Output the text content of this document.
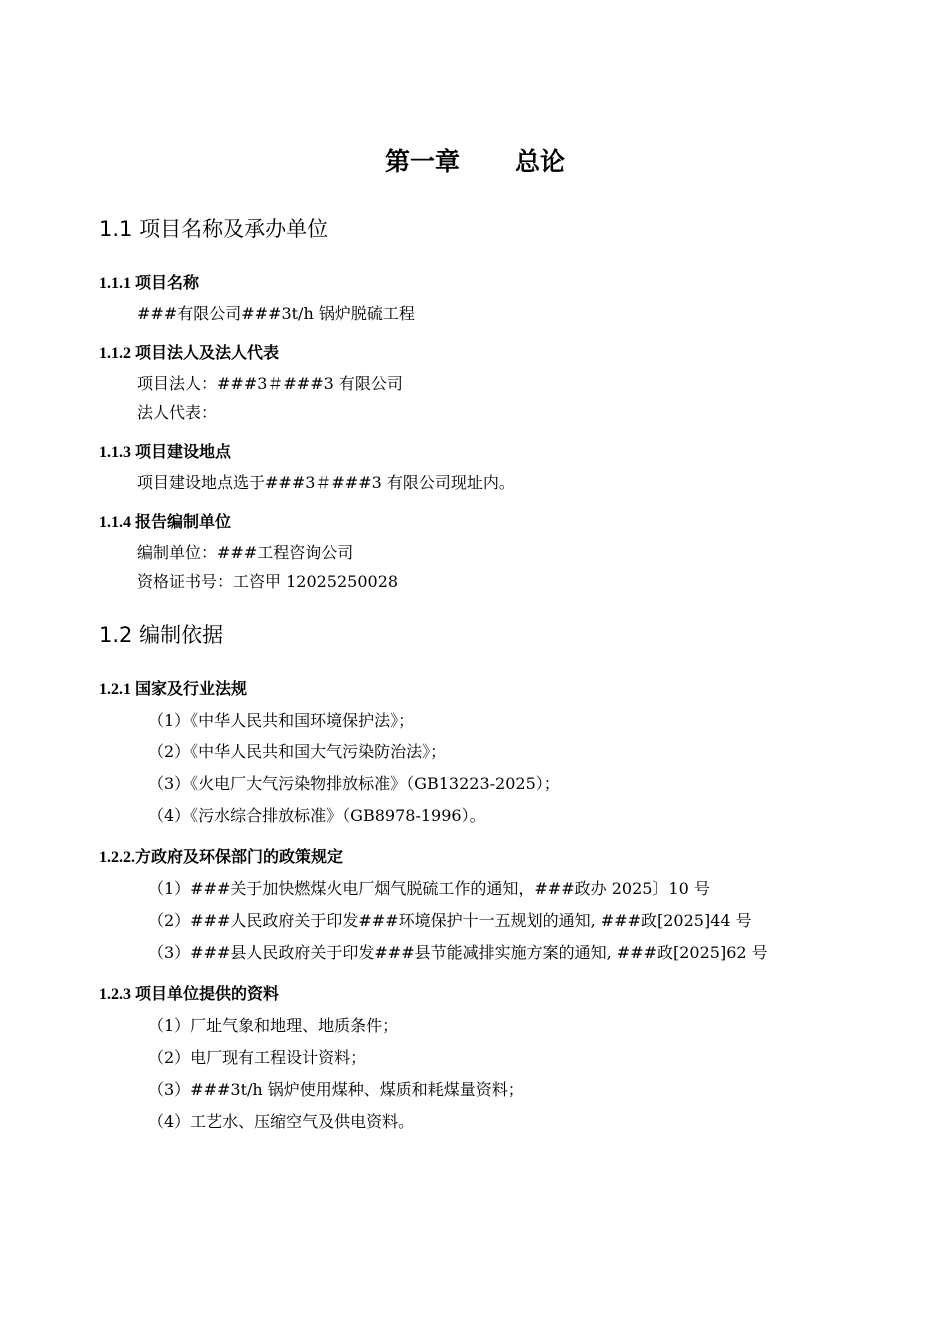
第一章 总论
1.1 项目名称及承办单位
1.1.1 项目名称
###有限公司###3t/h 锅炉脱硫工程
1.1.2 项目法人及法人代表
项目法人：###3＃###3 有限公司
法人代表：
1.1.3 项目建设地点
项目建设地点选于###3＃###3 有限公司现址内。
1.1.4 报告编制单位
编制单位：###工程咨询公司
资格证书号：工咨甲 12025250028
1.2 编制依据
1.2.1 国家及行业法规
（1）《中华人民共和国环境保护法》；
（2）《中华人民共和国大气污染防治法》；
（3）《火电厂大气污染物排放标准》（GB13223-2025）；
（4）《污水综合排放标准》（GB8978-1996）。
1.2.2.方政府及环保部门的政策规定
（1）###关于加快燃煤火电厂烟气脱硫工作的通知，###政办 2025〕10 号
（2）###人民政府关于印发###环境保护十一五规划的通知, ###政[2025]44 号
（3）###县人民政府关于印发###县节能减排实施方案的通知, ###政[2025]62 号
1.2.3 项目单位提供的资料
（1）厂址气象和地理、地质条件；
（2）电厂现有工程设计资料；
（3）###3t/h 锅炉使用煤种、煤质和耗煤量资料；
（4）工艺水、压缩空气及供电资料。
